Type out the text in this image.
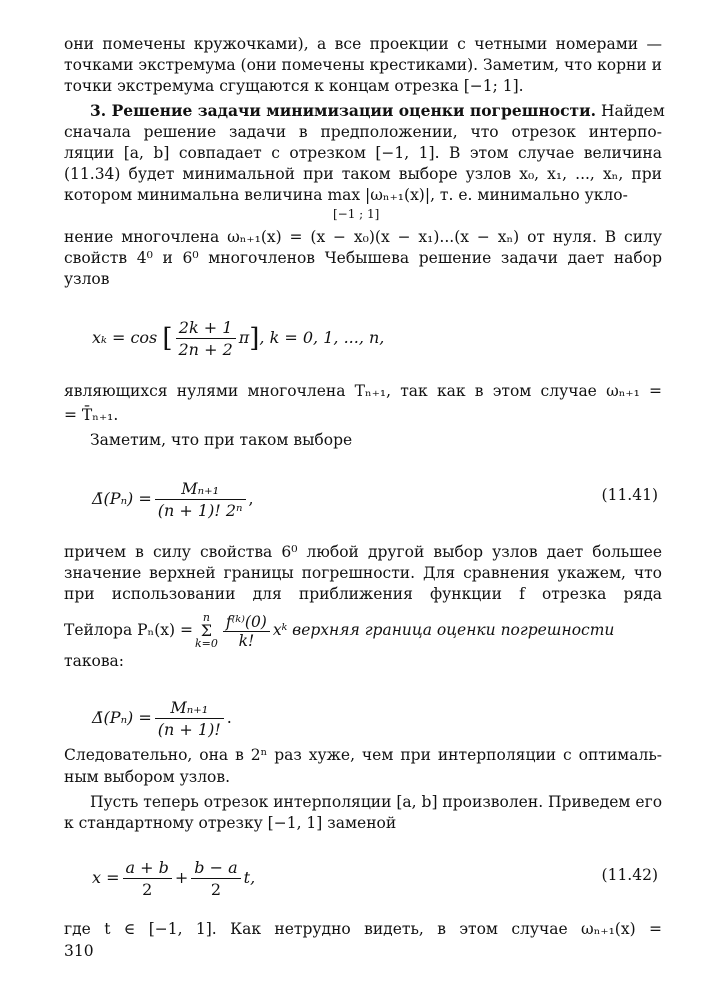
они помечены кружочками), а все проекции с четными номерами —
точками экстремума (они помечены крестиками). Заметим, что корни и
точки экстремума сгущаются к концам отрезка [−1; 1].
3. Решение задачи минимизации оценки погрешности. Найдем
сначала решение задачи в предположении, что отрезок интерпо-
ляции [a, b] совпадает с отрезком [−1, 1]. В этом случае величина
(11.34) будет минимальной при таком выборе узлов x₀, x₁, ..., xₙ, при
котором минимальна величина max |ωₙ₊₁(x)|, т. е. минимально укло-
[−1 ; 1]
нение многочлена ωₙ₊₁(x) = (x − x₀)(x − x₁)...(x − xₙ) от нуля. В силу
свойств 4⁰ и 6⁰ многочленов Чебышева решение задачи дает набор
узлов
xₖ = cos [ $\frac{2k + 1}{2n + 2} \pi$], k = 0, 1, ..., n,
являющихся нулями многочлена Tₙ₊₁, так как в этом случае ωₙ₊₁ =
= T̄ₙ₊₁.
Заметим, что при таком выборе
Δ̄(Pₙ) = $\frac{\text{Mₙ₊₁}}{\text{(n + 1)! 2ⁿ}}$ ,	(11.41)
причем в силу свойства 6⁰ любой другой выбор узлов дает большее
значение верхней границы погрешности. Для сравнения укажем, что
при использовании для приближения функции f отрезка ряда
Тейлора Pₙ(x) =n
Σ
$k=0 \frac{\text{f⁽ᵏ⁾(0)}}{k!}$ xᵏ верхняя граница оценки погрешности
такова:
Δ̄(Pₙ) = $\frac{\text{Mₙ₊₁}}{(n + 1)!}$ .
Следовательно, она в 2ⁿ раз хуже, чем при интерполяции с оптималь-
ным выбором узлов.
Пусть теперь отрезок интерполяции [a, b] произволен. Приведем его
к стандартному отрезку [−1, 1] заменой
$x = \frac{a + b}{2} + \frac{b - a}{2} t$,	(11.42)
где t ∈ [−1, 1]. Как нетрудно видеть, в этом случае ωₙ₊₁(x) =
310
